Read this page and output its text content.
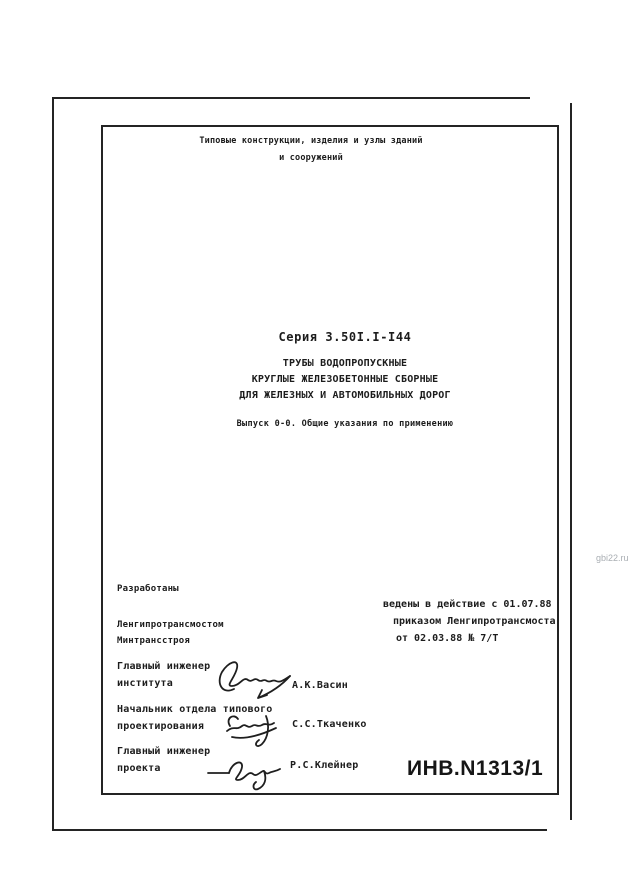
Типовые конструкции, изделия и узлы зданий
и сооружений
Серия 3.50I.I-I44
ТРУБЫ ВОДОПРОПУСКНЫЕ
КРУГЛЫЕ ЖЕЛЕЗОБЕТОННЫЕ СБОРНЫЕ
ДЛЯ ЖЕЛЕЗНЫХ И АВТОМОБИЛЬНЫХ ДОРОГ
Выпуск 0-0. Общие указания по применению
Разработаны
Ленгипротрансмостом
Минтрансстроя
ведены в действие с 01.07.88
приказом Ленгипротрансмоста
от 02.03.88 № 7/Т
Главный инженер
института	А.К.Васин
Начальник отдела типового
проектирования	С.С.Ткаченко
Главный инженер
проекта	Р.С.Клейнер ИНВ.N1313/1
gbi22.ru
